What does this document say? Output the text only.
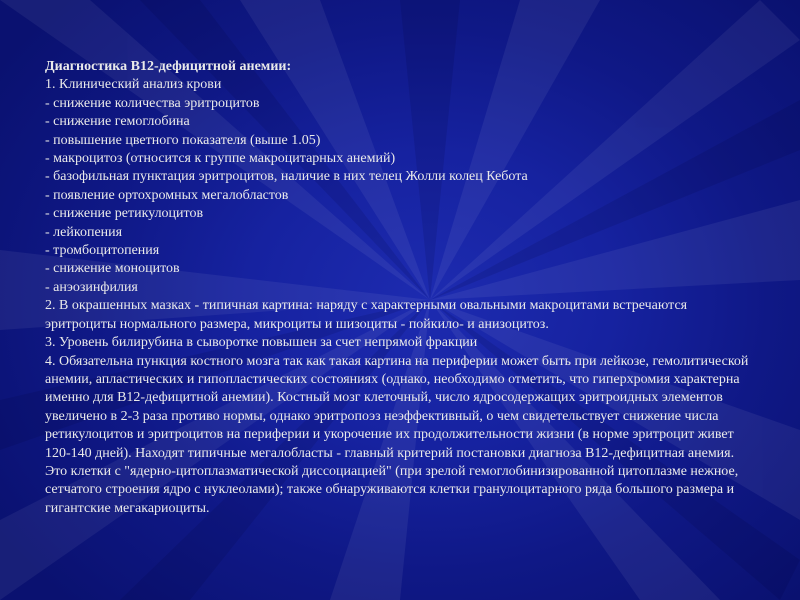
Диагностика B12-дефицитной анемии:

1. Клинический анализ крови

- снижение количества эритроцитов

- снижение гемоглобина

- повышение цветного показателя (выше 1.05)

- макроцитоз (относится к группе макроцитарных анемий)

- базофильная пунктация эритроцитов, наличие в них телец Жолли колец Кебота

- появление ортохромных мегалобластов

- снижение ретикулоцитов

- лейкопения

- тромбоцитопения

- снижение моноцитов

- анэозинфилия

2. В окрашенных мазках - типичная картина: наряду с характерными овальными макроцитами встречаются эритроциты нормального размера, микроциты и шизоциты - пойкило- и анизоцитоз.

3. Уровень билирубина в сыворотке повышен за счет непрямой фракции

4. Обязательна пункция костного мозга так как такая картина на периферии может быть при лейкозе, гемолитической анемии, апластических и гипопластических состояниях (однако, необходимо отметить, что гиперхромия характерна именно для B12-дефицитной анемии). Костный мозг клеточный, число ядросодержащих эритроидных элементов увеличено в 2-3 раза противо нормы, однако эритропоэз неэффективный, о чем свидетельствует снижение числа ретикулоцитов и эритроцитов на периферии и укорочение их продолжительности жизни (в норме эритроцит живет 120-140 дней). Находят типичные мегалобласты - главный критерий постановки диагноза B12-дефицитная анемия. Это клетки с "ядерно-цитоплазматической диссоциацией" (при зрелой гемоглобинизированной цитоплазме нежное, сетчатого строения ядро с нуклеолами); также обнаруживаются клетки гранулоцитарного ряда большого размера и гигантские мегакариоциты.
